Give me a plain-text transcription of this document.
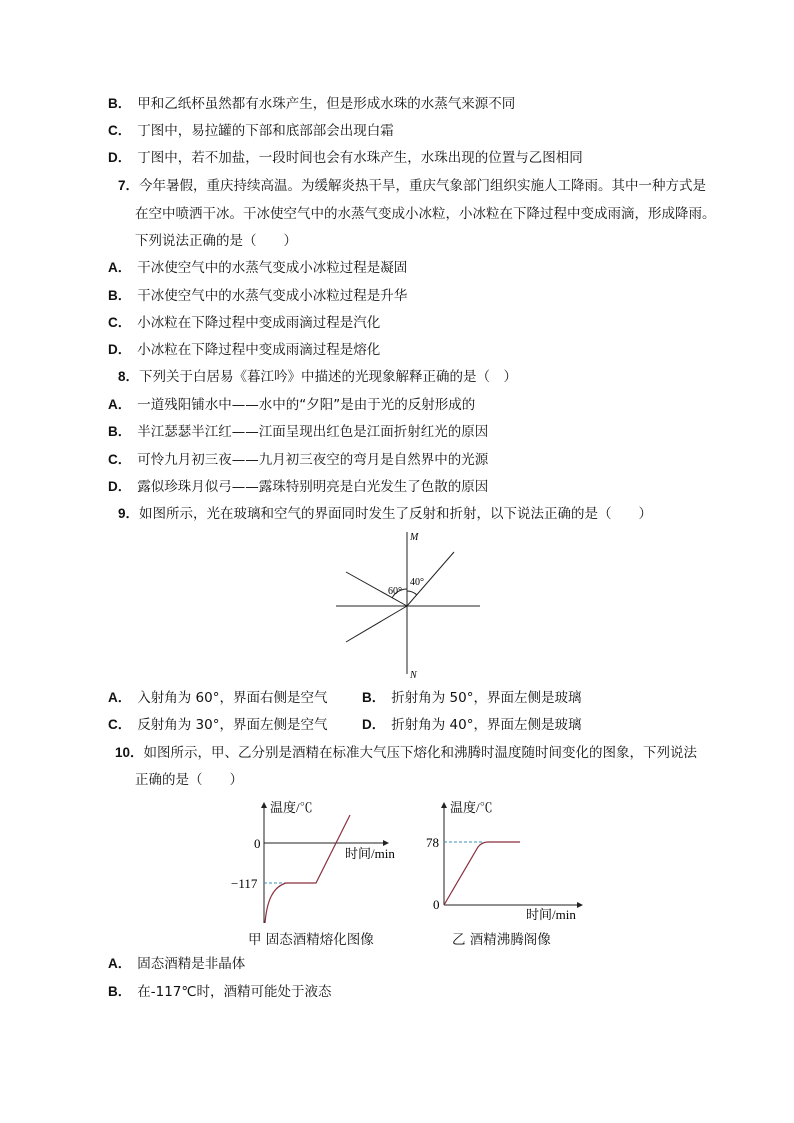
B． 甲和乙纸杯虽然都有水珠产生，但是形成水珠的水蒸气来源不同
C． 丁图中，易拉罐的下部和底部部会出现白霜
D． 丁图中，若不加盐，一段时间也会有水珠产生，水珠出现的位置与乙图相同
7．今年暑假，重庆持续高温。为缓解炎热干旱，重庆气象部门组织实施人工降雨。其中一种方式是
在空中喷洒干冰。干冰使空气中的水蒸气变成小冰粒，小冰粒在下降过程中变成雨滴，形成降雨。
下列说法正确的是（　　）
A． 干冰使空气中的水蒸气变成小冰粒过程是凝固
B． 干冰使空气中的水蒸气变成小冰粒过程是升华
C． 小冰粒在下降过程中变成雨滴过程是汽化
D． 小冰粒在下降过程中变成雨滴过程是熔化
8．下列关于白居易《暮江吟》中描述的光现象解释正确的是（　）
A． 一道残阳铺水中——水中的“夕阳”是由于光的反射形成的
B． 半江瑟瑟半江红——江面呈现出红色是江面折射红光的原因
C． 可怜九月初三夜——九月初三夜空的弯月是自然界中的光源
D． 露似珍珠月似弓——露珠特别明亮是白光发生了色散的原因
9．如图所示，光在玻璃和空气的界面同时发生了反射和折射，以下说法正确的是（　　）
M
N
60°
40°
A． 入射角为 60°，界面右侧是空气	B． 折射角为 50°，界面左侧是玻璃
C． 反射角为 30°，界面左侧是空气	D． 折射角为 40°，界面左侧是玻璃
10．如图所示，甲、乙分别是酒精在标准大气压下熔化和沸腾时温度随时间变化的图象，下列说法
正确的是（　　）
温度/℃
时间/min
0
−117
甲 固态酒精熔化图像
温度/℃
时间/min
78
0
乙 酒精沸腾阁像
A． 固态酒精是非晶体
B． 在-117℃时，酒精可能处于液态
